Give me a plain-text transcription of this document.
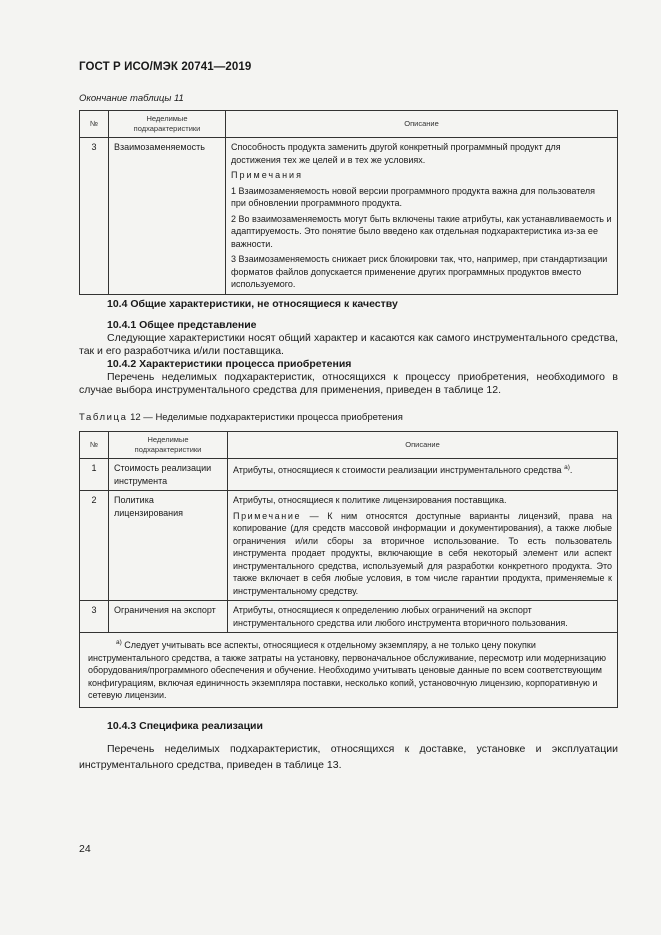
ГОСТ Р ИСО/МЭК 20741—2019
Окончание таблицы 11
№	Неделимые подхарактеристики	Описание
3	Взаимозаменяемость	Способность продукта заменить другой конкретный программный продукт для достижения тех же целей и в тех же условиях.

Примечания

1 Взаимозаменяемость новой версии программного продукта важна для пользователя при обновлении программного продукта.

2 Во взаимозаменяемость могут быть включены такие атрибуты, как устанавливаемость и адаптируемость. Это понятие было введено как отдельная подхарактеристика из-за ее важности.

3 Взаимозаменяемость снижает риск блокировки так, что, например, при стандартизации форматов файлов допускается применение других программных продуктов вместо используемого.

10.4 Общие характеристики, не относящиеся к качеству
10.4.1 Общее представление
Следующие характеристики носят общий характер и касаются как самого инструментального средства, так и его разработчика и/или поставщика.
10.4.2 Характеристики процесса приобретения
Перечень неделимых подхарактеристик, относящихся к процессу приобретения, необходимого в случае выбора инструментального средства для применения, приведен в таблице 12.
Таблица 12 — Неделимые подхарактеристики процесса приобретения
№	Неделимые подхарактеристики	Описание
1	Стоимость реализации инструмента	Атрибуты, относящиеся к стоимости реализации инструментального средства $^{а)}$.
2	Политика лицензирования	Атрибуты, относящиеся к политике лицензирования поставщика.

Примечание — К ним относятся доступные варианты лицензий, права на копирование (для средств массовой информации и документирования), а также любые ограничения и/или сборы за вторичное использование. То есть пользователь инструмента продает продукты, включающие в себя некоторый элемент или аспект инструментального средства, используемый для разработки конкретного продукта. Это также включает в себя любые условия, в том числе гарантии продукта, применяемые к инструментальному средству.

3	Ограничения на экспорт	Атрибуты, относящиеся к определению любых ограничений на экспорт инструментального средства или любого инструмента вторичного пользования.
$^{а)}$ Следует учитывать все аспекты, относящиеся к отдельному экземпляру, а не только цену покупки инструментального средства, а также затраты на установку, первоначальное обслуживание, пересмотр или модернизацию оборудования/программного обеспечения и обучение. Необходимо учитывать ценовые данные по всем соответствующим конфигурациям, включая единичность экземпляра поставки, несколько копий, установочную лицензию, корпоративную и сетевую лицензии.		
10.4.3 Специфика реализации
Перечень неделимых подхарактеристик, относящихся к доставке, установке и эксплуатации инструментального средства, приведен в таблице 13.
24
